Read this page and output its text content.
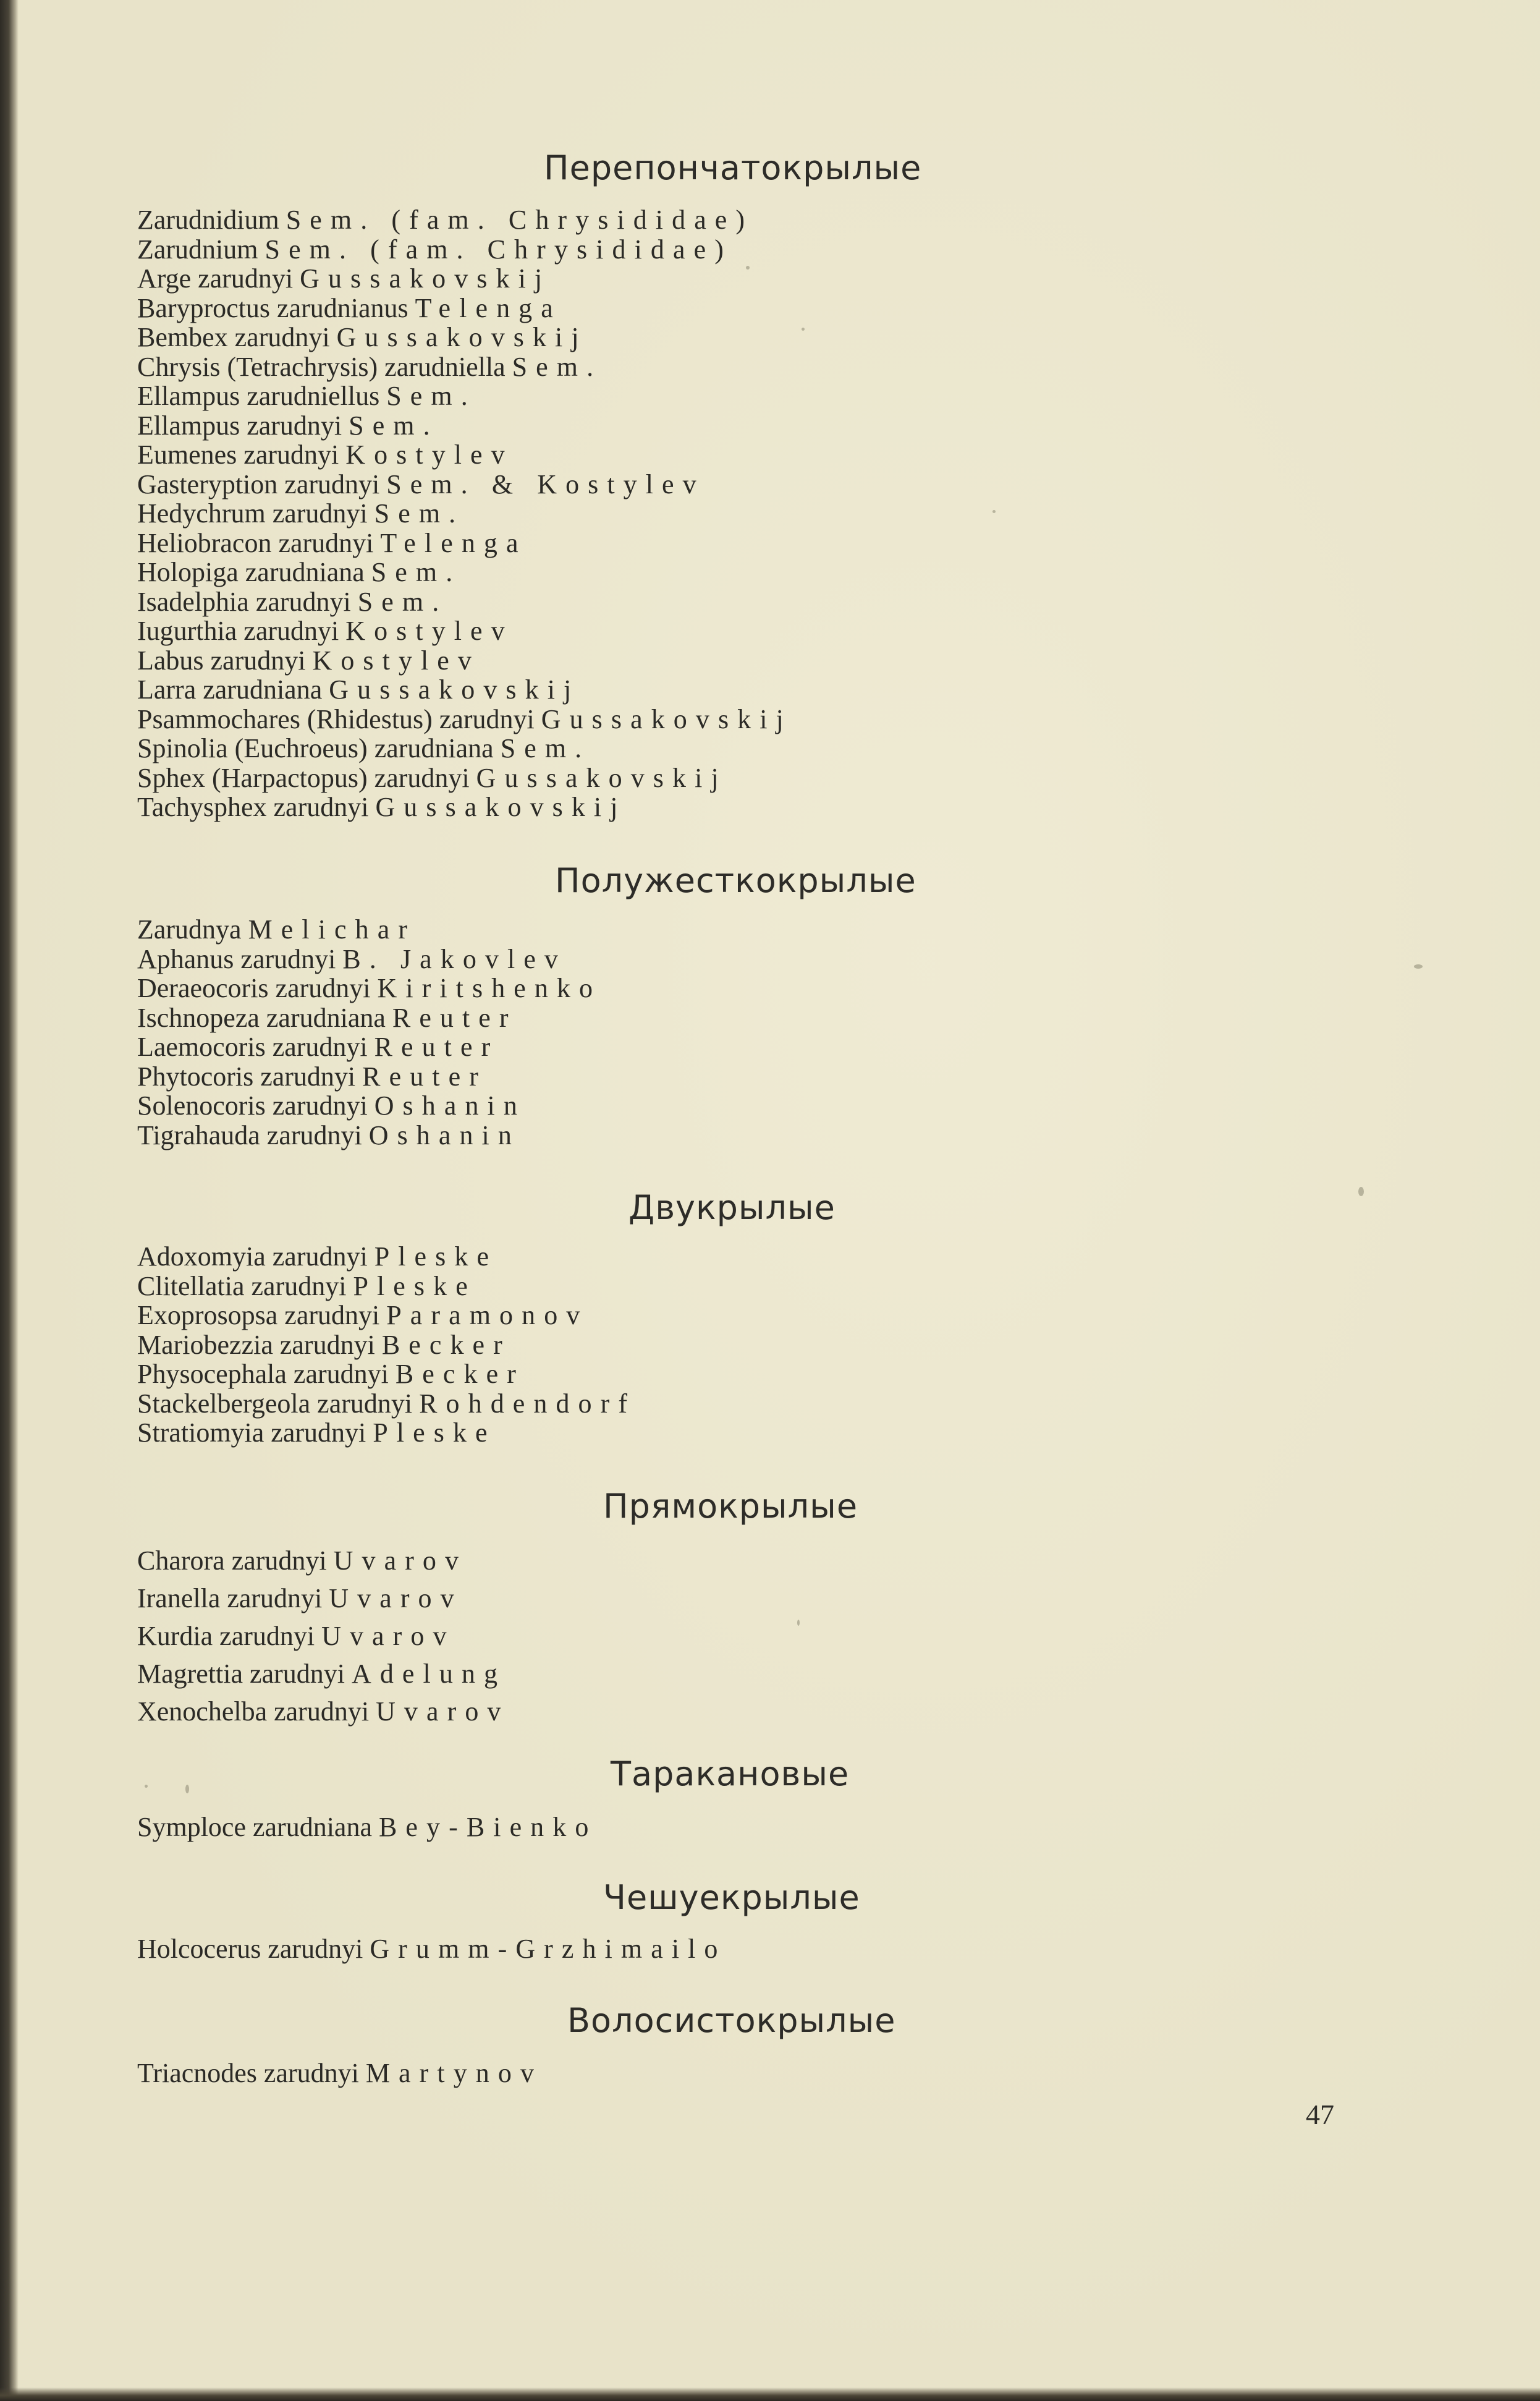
Перепончатокрылые
Zarudnidium Sem. (fam. Chrysididae)
Zarudnium Sem. (fam. Chrysididae)
Arge zarudnyi Gussakovskij
Baryproctus zarudnianus Telenga
Bembex zarudnyi Gussakovskij
Chrysis (Tetrachrysis) zarudniella Sem.
Ellampus zarudniellus Sem.
Ellampus zarudnyi Sem.
Eumenes zarudnyi Kostylev
Gasteryption zarudnyi Sem. & Kostylev
Hedychrum zarudnyi Sem.
Heliobracon zarudnyi Telenga
Holopiga zarudniana Sem.
Isadelphia zarudnyi Sem.
Iugurthia zarudnyi Kostylev
Labus zarudnyi Kostylev
Larra zarudniana Gussakovskij
Psammochares (Rhidestus) zarudnyi Gussakovskij
Spinolia (Euchroeus) zarudniana Sem.
Sphex (Harpactopus) zarudnyi Gussakovskij
Tachysphex zarudnyi Gussakovskij
Полужесткокрылые
Zarudnya Melichar
Aphanus zarudnyi B. Jakovlev
Deraeocoris zarudnyi Kiritshenko
Ischnopeza zarudniana Reuter
Laemocoris zarudnyi Reuter
Phytocoris zarudnyi Reuter
Solenocoris zarudnyi Oshanin
Tigrahauda zarudnyi Oshanin
Двукрылые
Adoxomyia zarudnyi Pleske
Clitellatia zarudnyi Pleske
Exoprosopsa zarudnyi Paramonov
Mariobezzia zarudnyi Becker
Physocephala zarudnyi Becker
Stackelbergeola zarudnyi Rohdendorf
Stratiomyia zarudnyi Pleske
Прямокрылые
Charora zarudnyi Uvarov
Iranella zarudnyi Uvarov
Kurdia zarudnyi Uvarov
Magrettia zarudnyi Adelung
Xenochelba zarudnyi Uvarov
Таракановые
Symploce zarudniana Bey-Bienko
Чешуекрылые
Holcocerus zarudnyi Grumm-Grzhimailo
Волосистокрылые
Triacnodes zarudnyi Martynov
47
